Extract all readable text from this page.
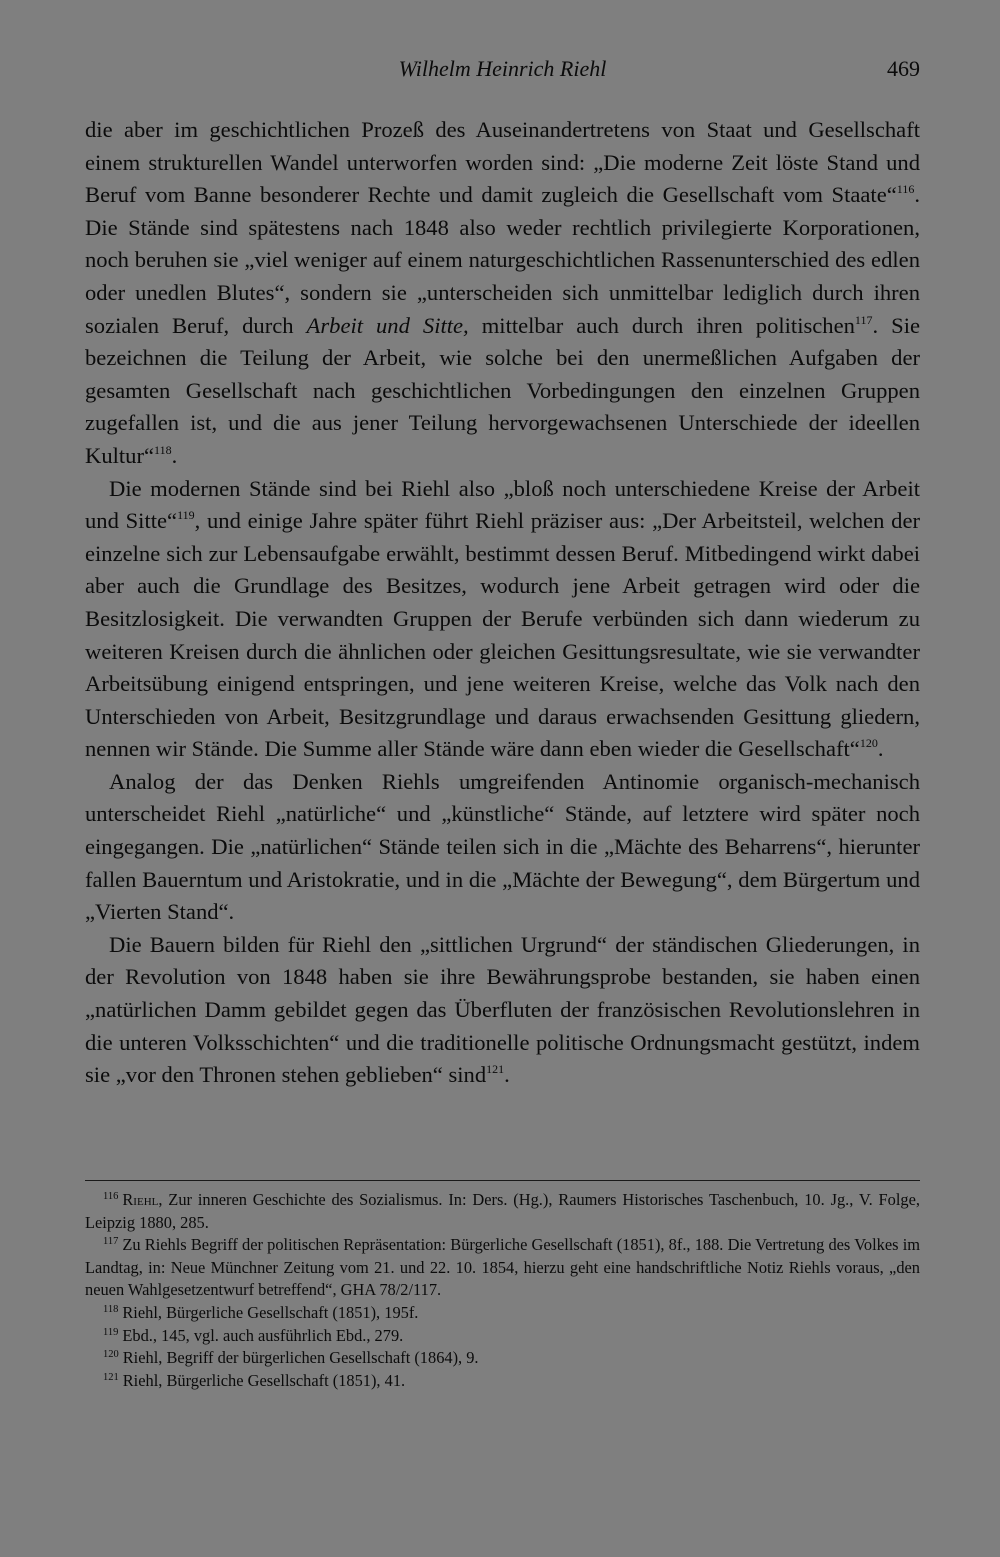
Wilhelm Heinrich Riehl	469

die aber im geschichtlichen Prozeß des Auseinandertretens von Staat und Gesellschaft einem strukturellen Wandel unterworfen worden sind: „Die moderne Zeit löste Stand und Beruf vom Banne besonderer Rechte und damit zugleich die Gesellschaft vom Staate“$^{116}$. Die Stände sind spätestens nach 1848 also weder rechtlich privilegierte Korporationen, noch beruhen sie „viel weniger auf einem naturgeschichtlichen Rassenunterschied des edlen oder unedlen Blutes“, sondern sie „unterscheiden sich unmittelbar lediglich durch ihren sozialen Beruf, durch Arbeit und Sitte, mittelbar auch durch ihren politischen$^{117}$. Sie bezeichnen die Teilung der Arbeit, wie solche bei den unermeßlichen Aufgaben der gesamten Gesellschaft nach geschichtlichen Vorbedingungen den einzelnen Gruppen zugefallen ist, und die aus jener Teilung hervorgewachsenen Unterschiede der ideellen Kultur“$^{118}$.

Die modernen Stände sind bei Riehl also „bloß noch unterschiedene Kreise der Arbeit und Sitte“$^{119}$, und einige Jahre später führt Riehl präziser aus: „Der Arbeitsteil, welchen der einzelne sich zur Lebensaufgabe erwählt, bestimmt dessen Beruf. Mitbedingend wirkt dabei aber auch die Grundlage des Besitzes, wodurch jene Arbeit getragen wird oder die Besitzlosigkeit. Die verwandten Gruppen der Berufe verbünden sich dann wiederum zu weiteren Kreisen durch die ähnlichen oder gleichen Gesittungsresultate, wie sie verwandter Arbeitsübung einigend entspringen, und jene weiteren Kreise, welche das Volk nach den Unterschieden von Arbeit, Besitzgrundlage und daraus erwachsenden Gesittung gliedern, nennen wir Stände. Die Summe aller Stände wäre dann eben wieder die Gesellschaft“$^{120}$.

Analog der das Denken Riehls umgreifenden Antinomie organisch-mechanisch unterscheidet Riehl „natürliche“ und „künstliche“ Stände, auf letztere wird später noch eingegangen. Die „natürlichen“ Stände teilen sich in die „Mächte des Beharrens“, hierunter fallen Bauerntum und Aristokratie, und in die „Mächte der Bewegung“, dem Bürgertum und „Vierten Stand“.

Die Bauern bilden für Riehl den „sittlichen Urgrund“ der ständischen Gliederungen, in der Revolution von 1848 haben sie ihre Bewährungsprobe bestanden, sie haben einen „natürlichen Damm gebildet gegen das Überfluten der französischen Revolutionslehren in die unteren Volksschichten“ und die traditionelle politische Ordnungsmacht gestützt, indem sie „vor den Thronen stehen geblieben“ sind$^{121}$.

$^{116}$ Riehl, Zur inneren Geschichte des Sozialismus. In: Ders. (Hg.), Raumers Historisches Taschenbuch, 10. Jg., V. Folge, Leipzig 1880, 285.

$^{117}$ Zu Riehls Begriff der politischen Repräsentation: Bürgerliche Gesellschaft (1851), 8f., 188. Die Vertretung des Volkes im Landtag, in: Neue Münchner Zeitung vom 21. und 22. 10. 1854, hierzu geht eine handschriftliche Notiz Riehls voraus, „den neuen Wahlgesetzentwurf betreffend“, GHA 78/2/117.

$^{118}$ Riehl, Bürgerliche Gesellschaft (1851), 195f.

$^{119}$ Ebd., 145, vgl. auch ausführlich Ebd., 279.

$^{120}$ Riehl, Begriff der bürgerlichen Gesellschaft (1864), 9.

$^{121}$ Riehl, Bürgerliche Gesellschaft (1851), 41.
